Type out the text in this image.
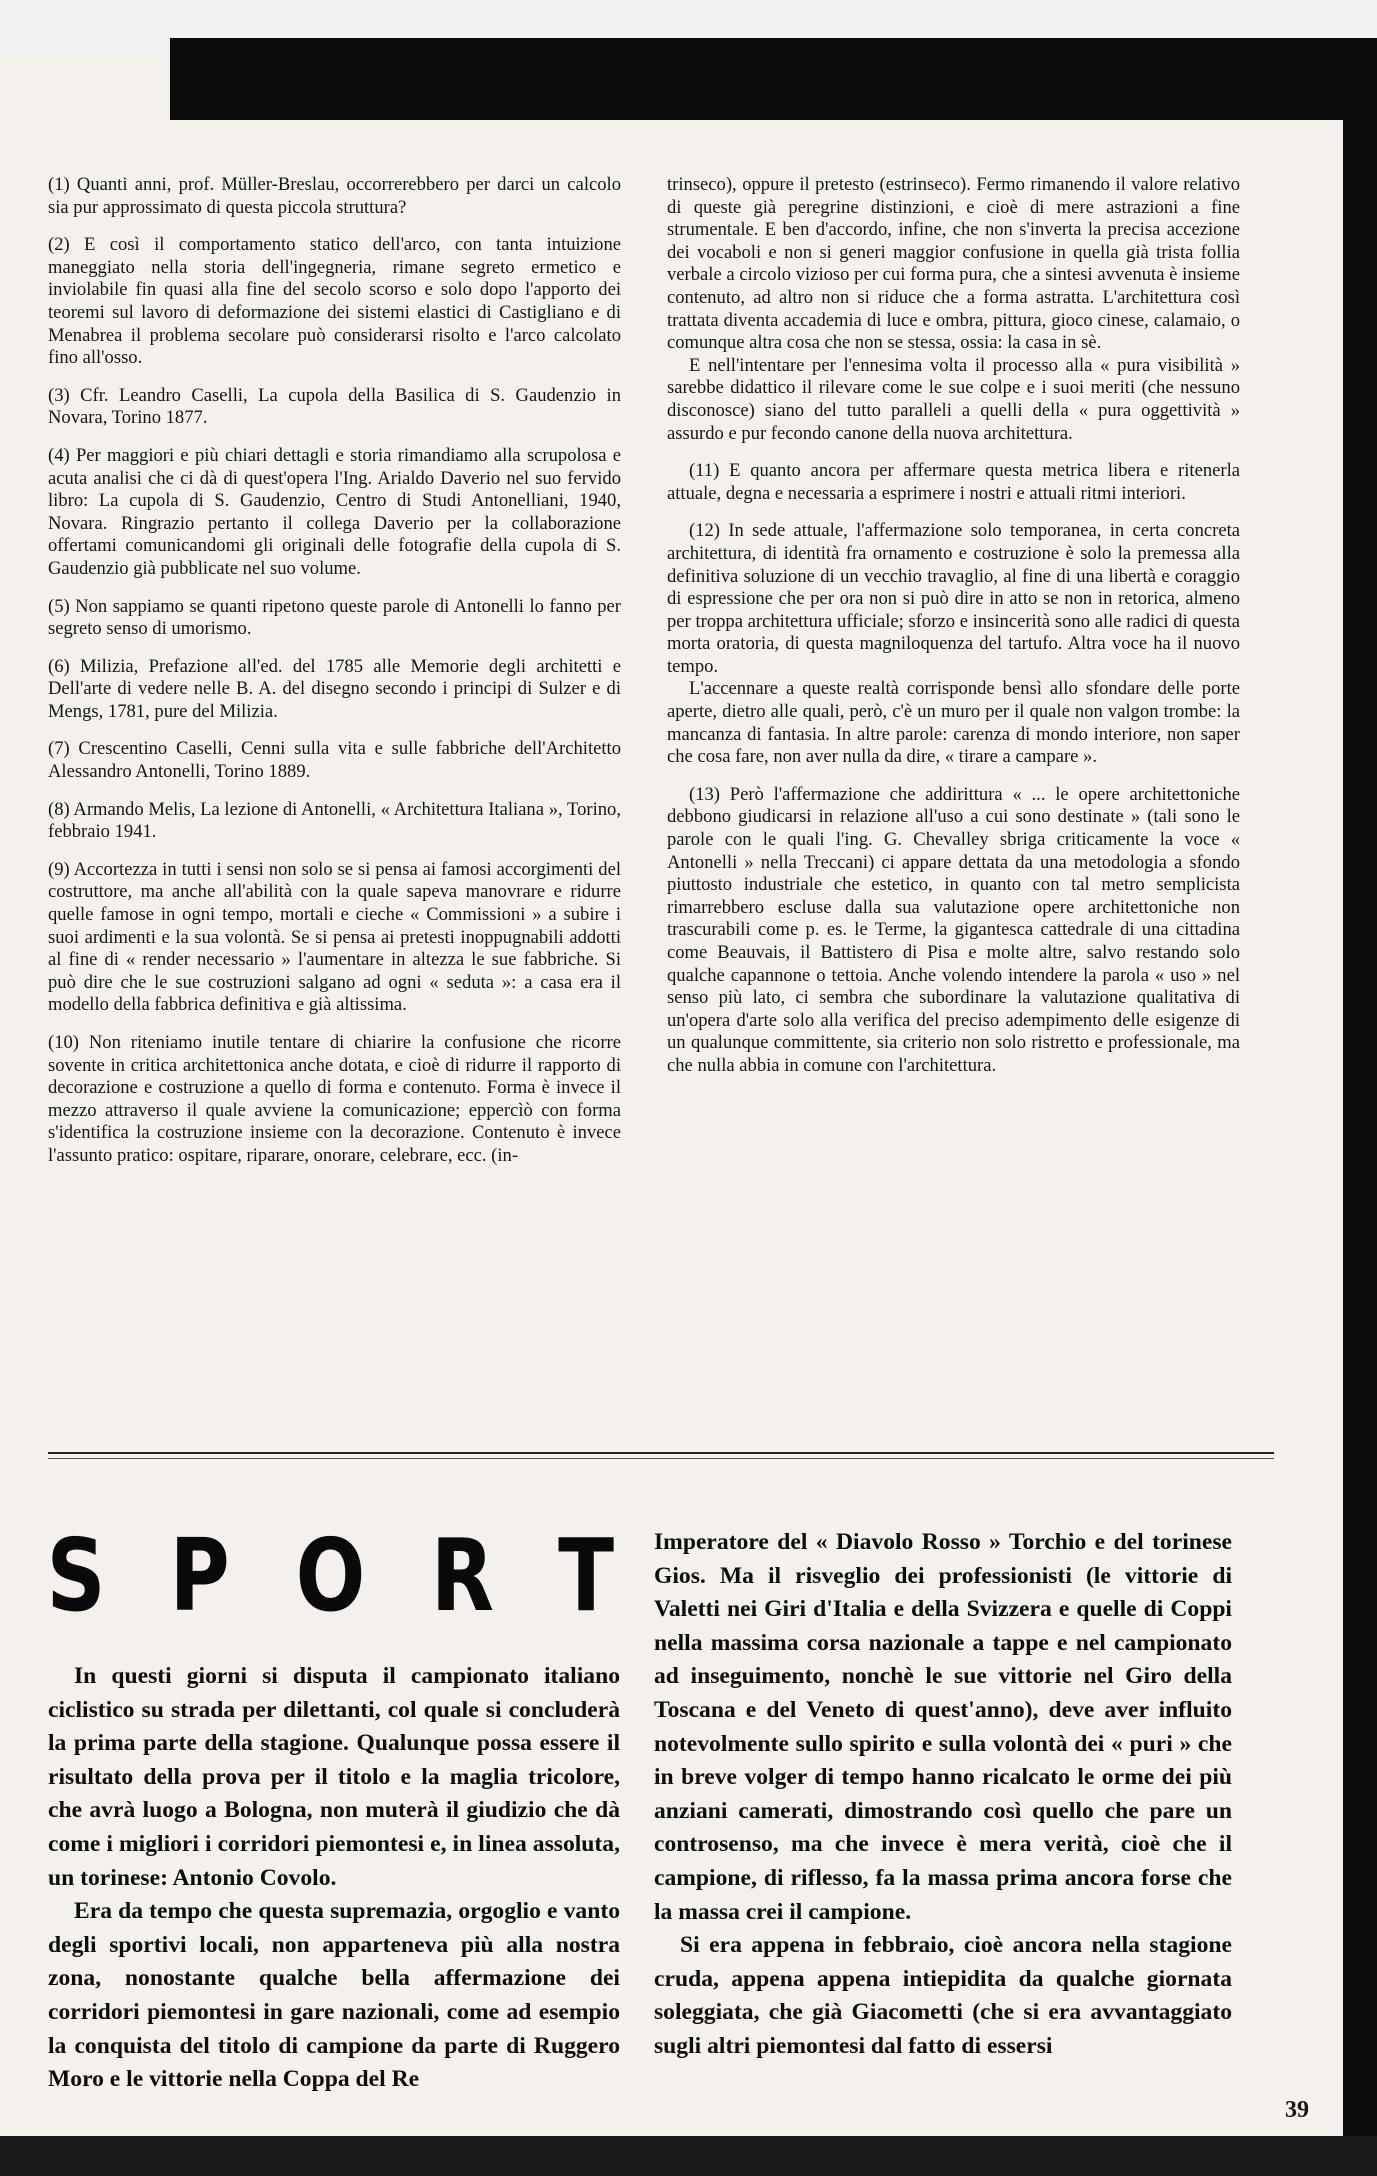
(1) Quanti anni, prof. Müller-Breslau, occorrerebbero per darci un calcolo sia pur approssimato di questa piccola struttura?

(2) E così il comportamento statico dell'arco, con tanta intuizione maneggiato nella storia dell'ingegneria, rimane segreto ermetico e inviolabile fin quasi alla fine del secolo scorso e solo dopo l'apporto dei teoremi sul lavoro di deformazione dei sistemi elastici di Castigliano e di Menabrea il problema secolare può considerarsi risolto e l'arco calcolato fino all'osso.

(3) Cfr. Leandro Caselli, La cupola della Basilica di S. Gaudenzio in Novara, Torino 1877.

(4) Per maggiori e più chiari dettagli e storia rimandiamo alla scrupolosa e acuta analisi che ci dà di quest'opera l'Ing. Arialdo Daverio nel suo fervido libro: La cupola di S. Gaudenzio, Centro di Studi Antonelliani, 1940, Novara. Ringrazio pertanto il collega Daverio per la collaborazione offertami comunicandomi gli originali delle fotografie della cupola di S. Gaudenzio già pubblicate nel suo volume.

(5) Non sappiamo se quanti ripetono queste parole di Antonelli lo fanno per segreto senso di umorismo.

(6) Milizia, Prefazione all'ed. del 1785 alle Memorie degli architetti e Dell'arte di vedere nelle B. A. del disegno secondo i principi di Sulzer e di Mengs, 1781, pure del Milizia.

(7) Crescentino Caselli, Cenni sulla vita e sulle fabbriche dell'Architetto Alessandro Antonelli, Torino 1889.

(8) Armando Melis, La lezione di Antonelli, « Architettura Italiana », Torino, febbraio 1941.

(9) Accortezza in tutti i sensi non solo se si pensa ai famosi accorgimenti del costruttore, ma anche all'abilità con la quale sapeva manovrare e ridurre quelle famose in ogni tempo, mortali e cieche « Commissioni » a subire i suoi ardimenti e la sua volontà. Se si pensa ai pretesti inoppugnabili addotti al fine di « render necessario » l'aumentare in altezza le sue fabbriche. Si può dire che le sue costruzioni salgano ad ogni « seduta »: a casa era il modello della fabbrica definitiva e già altissima.

(10) Non riteniamo inutile tentare di chiarire la confusione che ricorre sovente in critica architettonica anche dotata, e cioè di ridurre il rapporto di decorazione e costruzione a quello di forma e contenuto. Forma è invece il mezzo attraverso il quale avviene la comunicazione; eppercìò con forma s'identifica la costruzione insieme con la decorazione. Contenuto è invece l'assunto pratico: ospitare, riparare, onorare, celebrare, ecc. (in-

trinseco), oppure il pretesto (estrinseco). Fermo rimanendo il valore relativo di queste già peregrine distinzioni, e cioè di mere astrazioni a fine strumentale. E ben d'accordo, infine, che non s'inverta la precisa accezione dei vocaboli e non si generi maggior confusione in quella già trista follia verbale a circolo vizioso per cui forma pura, che a sintesi avvenuta è insieme contenuto, ad altro non si riduce che a forma astratta. L'architettura così trattata diventa accademia di luce e ombra, pittura, gioco cinese, calamaio, o comunque altra cosa che non se stessa, ossia: la casa in sè.

E nell'intentare per l'ennesima volta il processo alla « pura visibilità » sarebbe didattico il rilevare come le sue colpe e i suoi meriti (che nessuno disconosce) siano del tutto paralleli a quelli della « pura oggettività » assurdo e pur fecondo canone della nuova architettura.

(11) E quanto ancora per affermare questa metrica libera e ritenerla attuale, degna e necessaria a esprimere i nostri e attuali ritmi interiori.

(12) In sede attuale, l'affermazione solo temporanea, in certa concreta architettura, di identità fra ornamento e costruzione è solo la premessa alla definitiva soluzione di un vecchio travaglio, al fine di una libertà e coraggio di espressione che per ora non si può dire in atto se non in retorica, almeno per troppa architettura ufficiale; sforzo e insincerità sono alle radici di questa morta oratoria, di questa magniloquenza del tartufo. Altra voce ha il nuovo tempo.

L'accennare a queste realtà corrisponde bensì allo sfondare delle porte aperte, dietro alle quali, però, c'è un muro per il quale non valgon trombe: la mancanza di fantasia. In altre parole: carenza di mondo interiore, non saper che cosa fare, non aver nulla da dire, « tirare a campare ».

(13) Però l'affermazione che addirittura « ... le opere architettoniche debbono giudicarsi in relazione all'uso a cui sono destinate » (tali sono le parole con le quali l'ing. G. Chevalley sbriga criticamente la voce « Antonelli » nella Treccani) ci appare dettata da una metodologia a sfondo piuttosto industriale che estetico, in quanto con tal metro semplicista rimarrebbero escluse dalla sua valutazione opere architettoniche non trascurabili come p. es. le Terme, la gigantesca cattedrale di una cittadina come Beauvais, il Battistero di Pisa e molte altre, salvo restando solo qualche capannone o tettoia. Anche volendo intendere la parola « uso » nel senso più lato, ci sembra che subordinare la valutazione qualitativa di un'opera d'arte solo alla verifica del preciso adempimento delle esigenze di un qualunque committente, sia criterio non solo ristretto e professionale, ma che nulla abbia in comune con l'architettura.

S P O R T

In questi giorni si disputa il campionato italiano ciclistico su strada per dilettanti, col quale si concluderà la prima parte della stagione. Qualunque possa essere il risultato della prova per il titolo e la maglia tricolore, che avrà luogo a Bologna, non muterà il giudizio che dà come i migliori i corridori piemontesi e, in linea assoluta, un torinese: Antonio Covolo.

Era da tempo che questa supremazia, orgoglio e vanto degli sportivi locali, non apparteneva più alla nostra zona, nonostante qualche bella affermazione dei corridori piemontesi in gare nazionali, come ad esempio la conquista del titolo di campione da parte di Ruggero Moro e le vittorie nella Coppa del Re

Imperatore del « Diavolo Rosso » Torchio e del torinese Gios. Ma il risveglio dei professionisti (le vittorie di Valetti nei Giri d'Italia e della Svizzera e quelle di Coppi nella massima corsa nazionale a tappe e nel campionato ad inseguimento, nonchè le sue vittorie nel Giro della Toscana e del Veneto di quest'anno), deve aver influito notevolmente sullo spirito e sulla volontà dei « puri » che in breve volger di tempo hanno ricalcato le orme dei più anziani camerati, dimostrando così quello che pare un controsenso, ma che invece è mera verità, cioè che il campione, di riflesso, fa la massa prima ancora forse che la massa crei il campione.

Si era appena in febbraio, cioè ancora nella stagione cruda, appena appena intiepidita da qualche giornata soleggiata, che già Giacometti (che si era avvantaggiato sugli altri piemontesi dal fatto di essersi

39
